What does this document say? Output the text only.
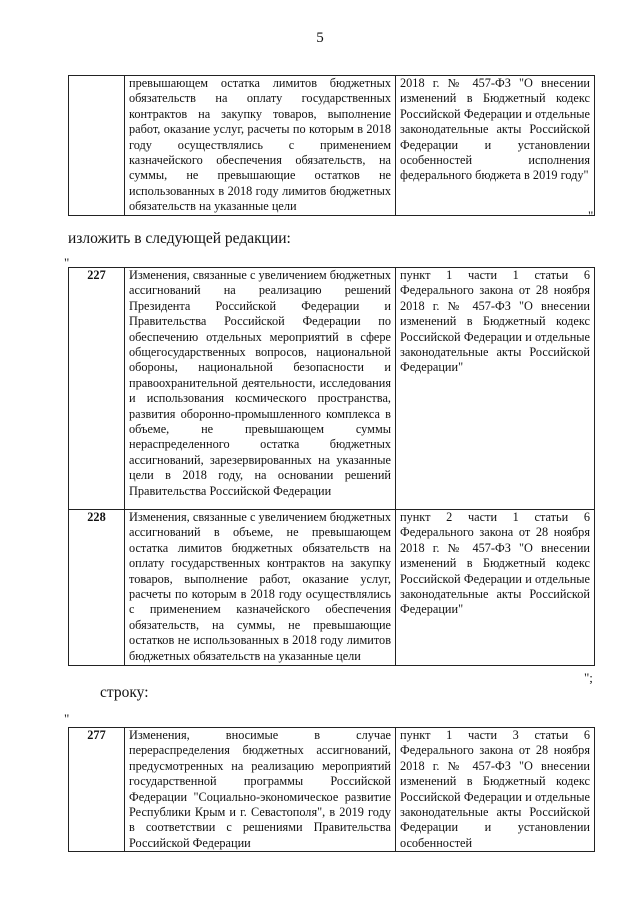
5
	превышающем остатка лимитов бюджетных обязательств на оплату государственных контрактов на закупку товаров, выполнение работ, оказание услуг, расчеты по которым в 2018 году осуществлялись с применением казначейского обеспечения обязательств, на суммы, не превышающие остатков не использованных в 2018 году лимитов бюджетных обязательств на указанные цели	2018 г. № 457-ФЗ "О внесении изменений в Бюджетный кодекс Российской Федерации и отдельные законодательные акты Российской Федерации и установлении особенностей исполнения федерального бюджета в 2019 году"
"
изложить в следующей редакции:
"
227	Изменения, связанные с увеличением бюджетных ассигнований на реализацию решений Президента Российской Федерации и Правительства Российской Федерации по обеспечению отдельных мероприятий в сфере общегосударственных вопросов, национальной обороны, национальной безопасности и правоохранительной деятельности, исследования и использования космического пространства, развития оборонно-промышленного комплекса в объеме, не превышающем суммы нераспределенного остатка бюджетных ассигнований, зарезервированных на указанные цели в 2018 году, на основании решений Правительства Российской Федерации	пункт 1 части 1 статьи 6 Федерального закона от 28 ноября 2018 г. № 457-ФЗ "О внесении изменений в Бюджетный кодекс Российской Федерации и отдельные законодательные акты Российской Федерации"
228	Изменения, связанные с увеличением бюджетных ассигнований в объеме, не превышающем остатка лимитов бюджетных обязательств на оплату государственных контрактов на закупку товаров, выполнение работ, оказание услуг, расчеты по которым в 2018 году осуществлялись с применением казначейского обеспечения обязательств, на суммы, не превышающие остатков не использованных в 2018 году лимитов бюджетных обязательств на указанные цели	пункт 2 части 1 статьи 6 Федерального закона от 28 ноября 2018 г. № 457-ФЗ "О внесении изменений в Бюджетный кодекс Российской Федерации и отдельные законодательные акты Российской Федерации"
";
строку:
"
277	Изменения, вносимые в случае перераспределения бюджетных ассигнований, предусмотренных на реализацию мероприятий государственной программы Российской Федерации "Социально-экономическое развитие Республики Крым и г. Севастополя", в 2019 году в соответствии с решениями Правительства Российской Федерации	пункт 1 части 3 статьи 6 Федерального закона от 28 ноября 2018 г. № 457-ФЗ "О внесении изменений в Бюджетный кодекс Российской Федерации и отдельные законодательные акты Российской Федерации и установлении особенностей
